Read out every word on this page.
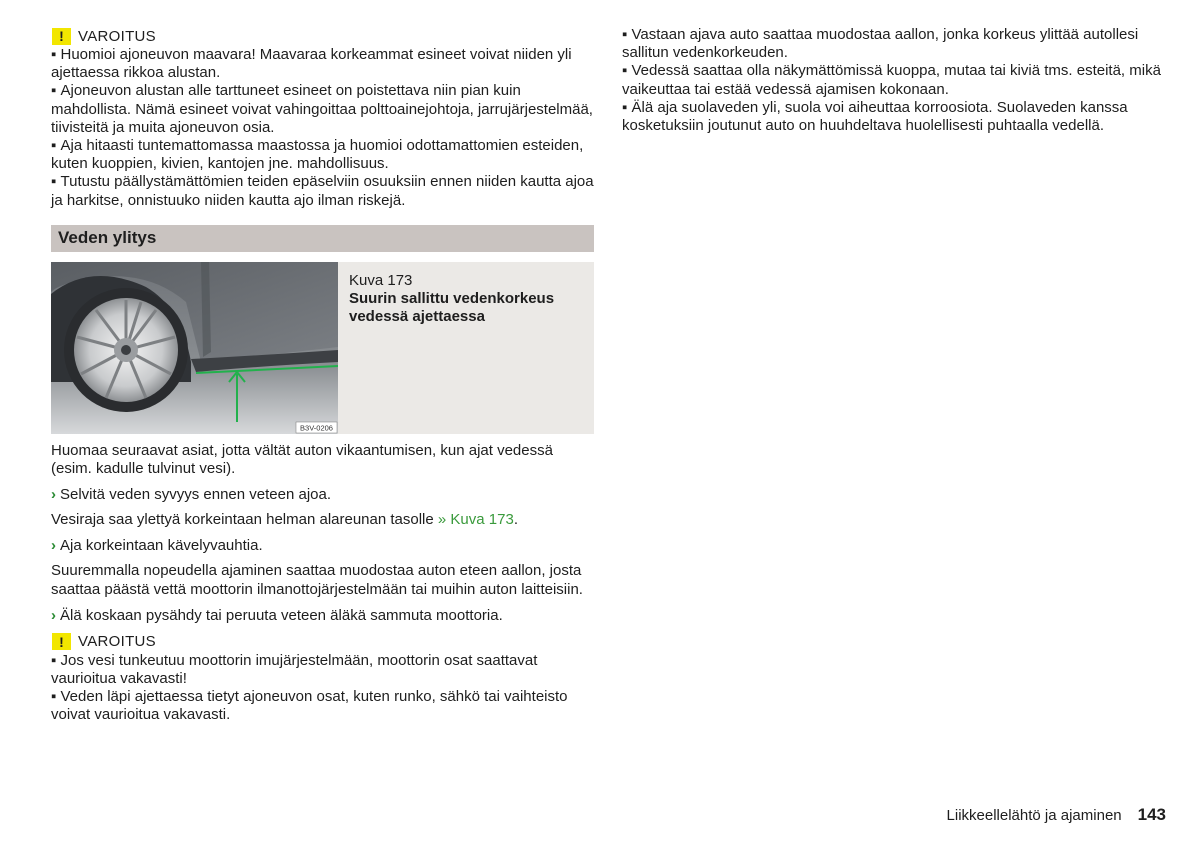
! VAROITUS

▪ Huomioi ajoneuvon maavara! Maavaraa korkeammat esineet voivat niiden yli ajettaessa rikkoa alustan.

▪ Ajoneuvon alustan alle tarttuneet esineet on poistettava niin pian kuin mahdollista. Nämä esineet voivat vahingoittaa polttoainejohtoja, jarrujärjestelmää, tiivisteitä ja muita ajoneuvon osia.

▪ Aja hitaasti tuntemattomassa maastossa ja huomioi odottamattomien esteiden, kuten kuoppien, kivien, kantojen jne. mahdollisuus.

▪ Tutustu päällystämättömien teiden epäselviin osuuksiin ennen niiden kautta ajoa ja harkitse, onnistuuko niiden kautta ajo ilman riskejä.

Veden ylitys
B3V-0206
Kuva 173
Suurin sallittu vedenkorkeus vedessä ajettaessa

Huomaa seuraavat asiat, jotta vältät auton vikaantumisen, kun ajat vedessä (esim. kadulle tulvinut vesi).

› Selvitä veden syvyys ennen veteen ajoa.

Vesiraja saa ylettyä korkeintaan helman alareunan tasolle » Kuva 173.

› Aja korkeintaan kävelyvauhtia.

Suuremmalla nopeudella ajaminen saattaa muodostaa auton eteen aallon, josta saattaa päästä vettä moottorin ilmanottojärjestelmään tai muihin auton laitteisiin.

› Älä koskaan pysähdy tai peruuta veteen äläkä sammuta moottoria.
! VAROITUS

▪ Jos vesi tunkeutuu moottorin imujärjestelmään, moottorin osat saattavat vaurioitua vakavasti!

▪ Veden läpi ajettaessa tietyt ajoneuvon osat, kuten runko, sähkö tai vaihteisto voivat vaurioitua vakavasti.

▪ Vastaan ajava auto saattaa muodostaa aallon, jonka korkeus ylittää autollesi sallitun vedenkorkeuden.

▪ Vedessä saattaa olla näkymättömissä kuoppa, mutaa tai kiviä tms. esteitä, mikä vaikeuttaa tai estää vedessä ajamisen kokonaan.

▪ Älä aja suolaveden yli, suola voi aiheuttaa korroosiota. Suolaveden kanssa kosketuksiin joutunut auto on huuhdeltava huolellisesti puhtaalla vedellä.

Liikkeellelähtö ja ajaminen 143
